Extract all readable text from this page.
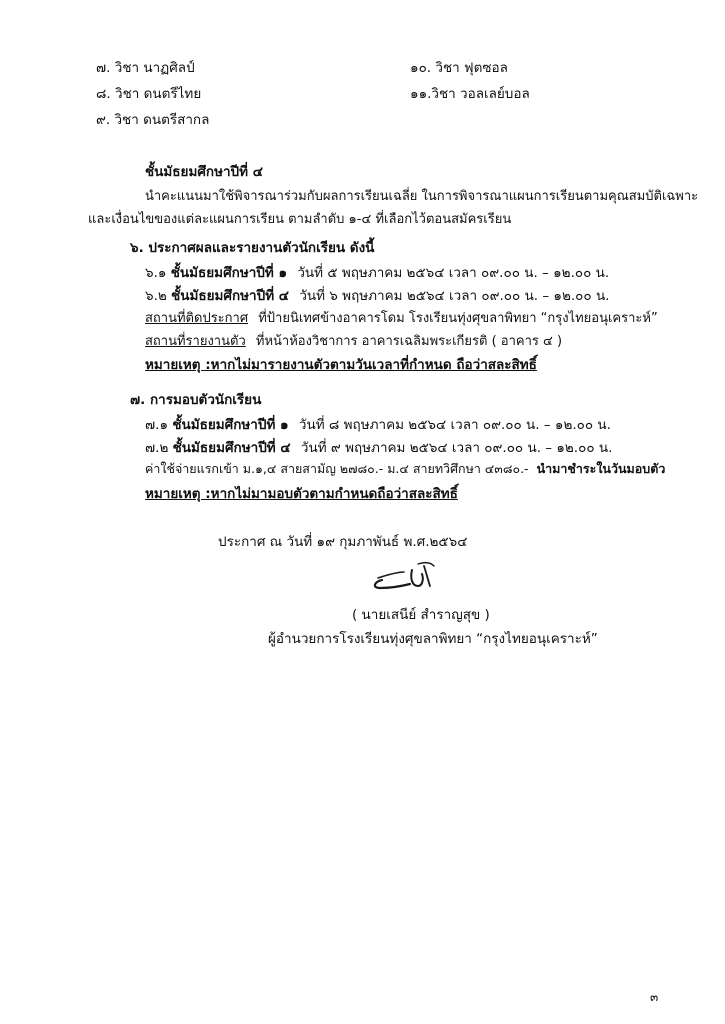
๗. วิชา นาฏศิลป์
๘. วิชา ดนตรีไทย
๙. วิชา ดนตรีสากล
๑๐. วิชา ฟุตซอล
๑๑.วิชา วอลเลย์บอล
ชั้นมัธยมศึกษาปีที่ ๔
นำคะแนนมาใช้พิจารณาร่วมกับผลการเรียนเฉลี่ย ในการพิจารณาแผนการเรียนตามคุณสมบัติเฉพาะ
และเงื่อนไขของแต่ละแผนการเรียน ตามลำดับ ๑-๔ ที่เลือกไว้ตอนสมัครเรียน
๖. ประกาศผลและรายงานตัวนักเรียน ดังนี้
๖.๑ ชั้นมัธยมศึกษาปีที่ ๑ วันที่ ๕ พฤษภาคม ๒๕๖๔ เวลา ๐๙.๐๐ น. – ๑๒.๐๐ น.
๖.๒ ชั้นมัธยมศึกษาปีที่ ๔ วันที่ ๖ พฤษภาคม ๒๕๖๔ เวลา ๐๙.๐๐ น. – ๑๒.๐๐ น.
สถานที่ติดประกาศ ที่ป้ายนิเทศข้างอาคารโดม โรงเรียนทุ่งศุขลาพิทยา “กรุงไทยอนุเคราะห์”
สถานที่รายงานตัว ที่หน้าห้องวิชาการ อาคารเฉลิมพระเกียรติ ( อาคาร ๔ )
หมายเหตุ :หากไม่มารายงานตัวตามวันเวลาที่กำหนด ถือว่าสละสิทธิ์
๗. การมอบตัวนักเรียน
๗.๑ ชั้นมัธยมศึกษาปีที่ ๑ วันที่ ๘ พฤษภาคม ๒๕๖๔ เวลา ๐๙.๐๐ น. – ๑๒.๐๐ น.
๗.๒ ชั้นมัธยมศึกษาปีที่ ๔ วันที่ ๙ พฤษภาคม ๒๕๖๔ เวลา ๐๙.๐๐ น. – ๑๒.๐๐ น.
ค่าใช้จ่ายแรกเข้า ม.๑,๔ สายสามัญ ๒๗๘๐.- ม.๔ สายทวิศึกษา ๔๓๘๐.- นำมาชำระในวันมอบตัว
หมายเหตุ :หากไม่มามอบตัวตามกำหนดถือว่าสละสิทธิ์
ประกาศ ณ วันที่ ๑๙ กุมภาพันธ์ พ.ศ.๒๕๖๔
( นายเสนีย์ สำราญสุข )
ผู้อำนวยการโรงเรียนทุ่งศุขลาพิทยา “กรุงไทยอนุเคราะห์”
๓
